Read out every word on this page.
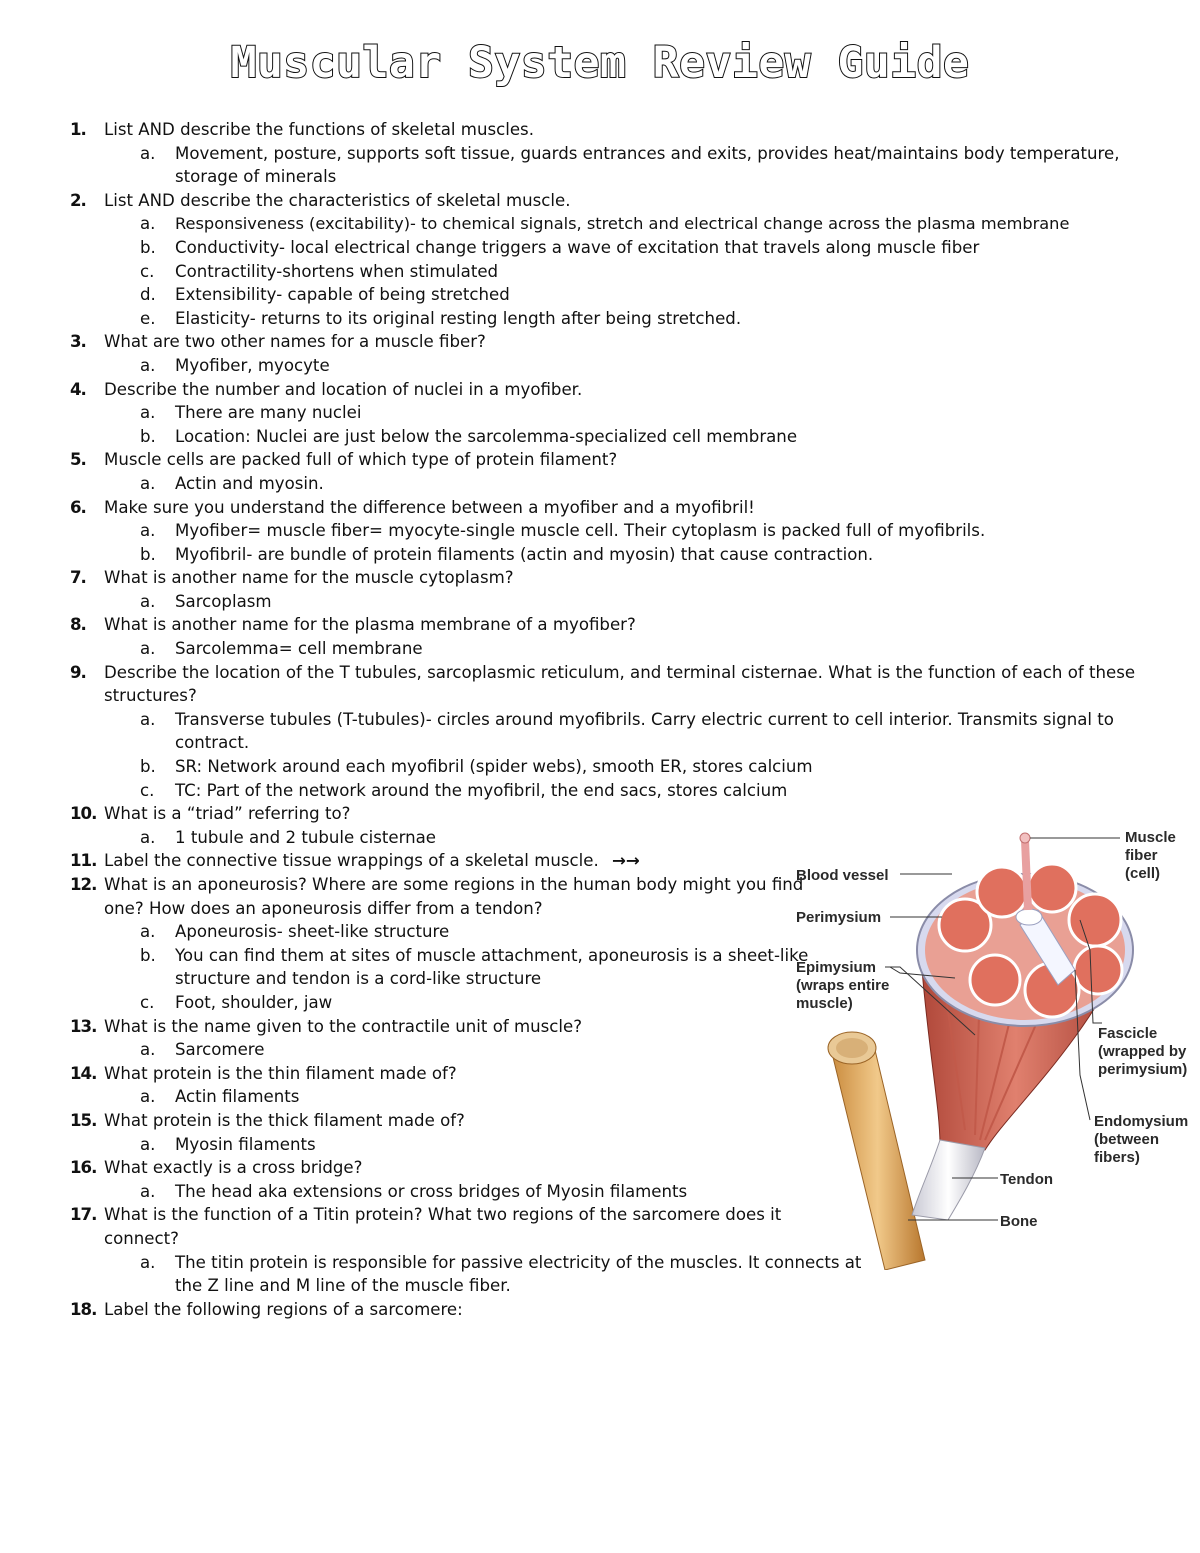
Muscular System Review Guide
1 .	List AND describe the functions of skeletal muscles.
a .	Movement, posture, supports soft tissue, guards entrances and exits, provides heat/maintains body temperature, storage of minerals
2 .	List AND describe the characteristics of skeletal muscle.
a .	Responsiveness (excitability)- to chemical signals, stretch and electrical change across the plasma membrane
b .	Conductivity- local electrical change triggers a wave of excitation that travels along muscle fiber
c .	Contractility-shortens when stimulated
d .	Extensibility- capable of being stretched
e .	Elasticity- returns to its original resting length after being stretched.
3 .	What are two other names for a muscle fiber?
a .	Myofiber, myocyte
4 .	Describe the number and location of nuclei in a myofiber.
a .	There are many nuclei
b .	Location: Nuclei are just below the sarcolemma-specialized cell membrane
5 .	Muscle cells are packed full of which type of protein filament?
a .	Actin and myosin.
6 .	Make sure you understand the difference between a myofiber and a myofibril!
a .	Myofiber= muscle fiber= myocyte-single muscle cell. Their cytoplasm is packed full of myofibrils.
b .	Myofibril- are bundle of protein filaments (actin and myosin) that cause contraction.
7 .	What is another name for the muscle cytoplasm?
a .	Sarcoplasm
8 .	What is another name for the plasma membrane of a myofiber?
a .	Sarcolemma= cell membrane
9 .	Describe the location of the T tubules, sarcoplasmic reticulum, and terminal cisternae. What is the function of each of these structures?
a .	Transverse tubules (T-tubules)- circles around myofibrils. Carry electric current to cell interior. Transmits signal to contract.
b .	SR: Network around each myofibril (spider webs), smooth ER, stores calcium
c .	TC: Part of the network around the myofibril, the end sacs, stores calcium
10 . What is a “triad” referring to?
a .	1 tubule and 2 tubule cisternae
11 . Label the connective tissue wrappings of a skeletal muscle. →→
12 . What is an aponeurosis? Where are some regions in the human body might you find one? How does an aponeurosis differ from a tendon?
a .	Aponeurosis- sheet-like structure
b .	You can find them at sites of muscle attachment, aponeurosis is a sheet-like structure and tendon is a cord-like structure
c .	Foot, shoulder, jaw
13 . What is the name given to the contractile unit of muscle?
a .	Sarcomere
14 . What protein is the thin filament made of?
a .	Actin filaments
15 . What protein is the thick filament made of?
a .	Myosin filaments
16 . What exactly is a cross bridge?
a .	The head aka extensions or cross bridges of Myosin filaments
17 . What is the function of a Titin protein? What two regions of the sarcomere does it connect?
a .	The titin protein is responsible for passive electricity of the muscles. It connects at the Z line and M line of the muscle fiber.
18 . Label the following regions of a sarcomere:
Muscle fiber (cell)
Blood vessel
Perimysium
Epimysium (wraps entire muscle)
Fascicle (wrapped by perimysium)
Endomysium (between fibers)
Tendon
Bone
